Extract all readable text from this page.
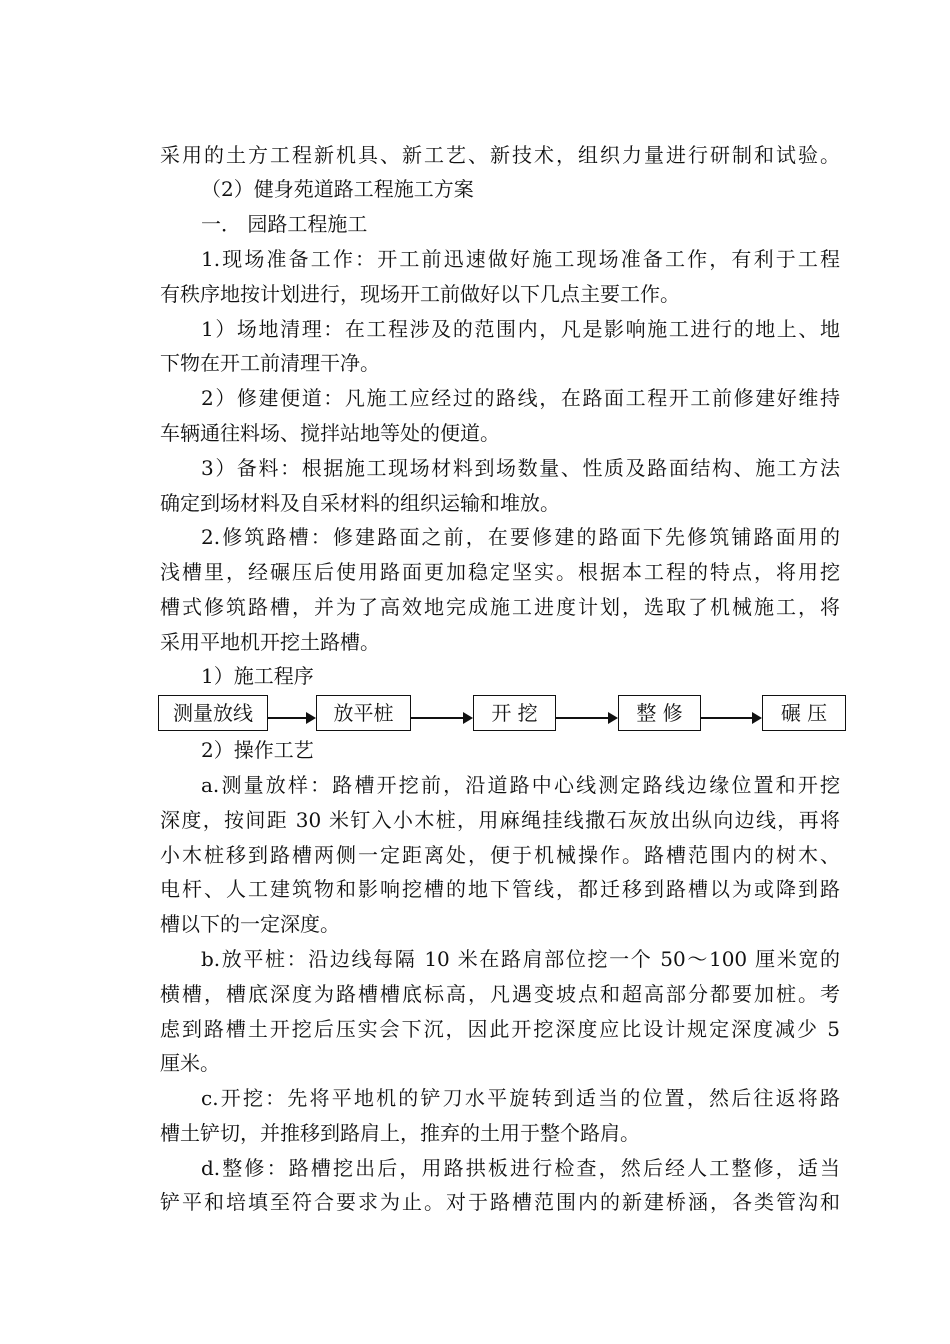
采用的土方工程新机具、新工艺、新技术，组织力量进行研制和试验。
（2）健身苑道路工程施工方案
一． 园路工程施工
1.现场准备工作：开工前迅速做好施工现场准备工作，有利于工程
有秩序地按计划进行，现场开工前做好以下几点主要工作。
1）场地清理：在工程涉及的范围内，凡是影响施工进行的地上、地
下物在开工前清理干净。
2）修建便道：凡施工应经过的路线，在路面工程开工前修建好维持
车辆通往料场、搅拌站地等处的便道。
3）备料：根据施工现场材料到场数量、性质及路面结构、施工方法
确定到场材料及自采材料的组织运输和堆放。
2.修筑路槽：修建路面之前，在要修建的路面下先修筑铺路面用的
浅槽里，经碾压后使用路面更加稳定坚实。根据本工程的特点，将用挖
槽式修筑路槽，并为了高效地完成施工进度计划，选取了机械施工，将
采用平地机开挖土路槽。
1）施工程序
测量放线	放平桩	开 挖	整 修	碾 压
2）操作工艺
a.测量放样：路槽开挖前，沿道路中心线测定路线边缘位置和开挖
深度，按间距 30 米钉入小木桩，用麻绳挂线撒石灰放出纵向边线，再将
小木桩移到路槽两侧一定距离处，便于机械操作。路槽范围内的树木、
电杆、人工建筑物和影响挖槽的地下管线，都迁移到路槽以为或降到路
槽以下的一定深度。
b.放平桩：沿边线每隔 10 米在路肩部位挖一个 50～100 厘米宽的
横槽，槽底深度为路槽槽底标高，凡遇变坡点和超高部分都要加桩。考
虑到路槽土开挖后压实会下沉，因此开挖深度应比设计规定深度减少 5
厘米。
c.开挖：先将平地机的铲刀水平旋转到适当的位置，然后往返将路
槽土铲切，并推移到路肩上，推弃的土用于整个路肩。
d.整修：路槽挖出后，用路拱板进行检查，然后经人工整修，适当
铲平和培填至符合要求为止。对于路槽范围内的新建桥涵，各类管沟和
